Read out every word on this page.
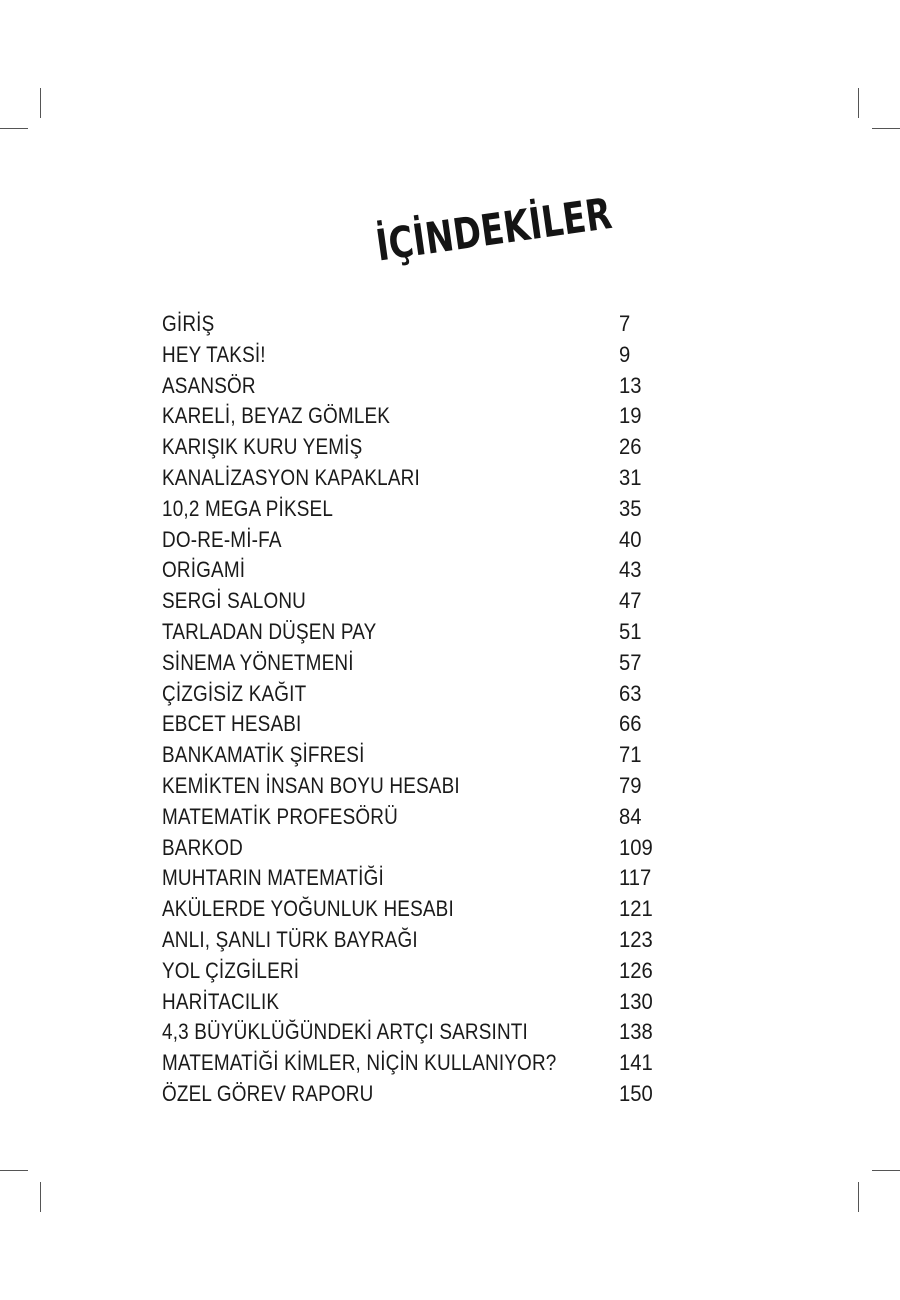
İÇİNDEKİLER
GİRİŞ	7
HEY TAKSİ!	9
ASANSÖR	13
KARELİ, BEYAZ GÖMLEK	19
KARIŞIK KURU YEMİŞ	26
KANALİZASYON KAPAKLARI	31
10,2 MEGA PİKSEL	35
DO-RE-Mİ-FA	40
ORİGAMİ	43
SERGİ SALONU	47
TARLADAN DÜŞEN PAY	51
SİNEMA YÖNETMENİ	57
ÇİZGİSİZ KAĞIT	63
EBCET HESABI	66
BANKAMATİK ŞİFRESİ	71
KEMİKTEN İNSAN BOYU HESABI	79
MATEMATİK PROFESÖRÜ	84
BARKOD	109
MUHTARIN MATEMATİĞİ	117
AKÜLERDE YOĞUNLUK HESABI	121
ANLI, ŞANLI TÜRK BAYRAĞI	123
YOL ÇİZGİLERİ	126
HARİTACILIK	130
4,3 BÜYÜKLÜĞÜNDEKİ ARTÇI SARSINTI	138
MATEMATİĞİ KİMLER, NİÇİN KULLANIYOR?	141
ÖZEL GÖREV RAPORU	150
